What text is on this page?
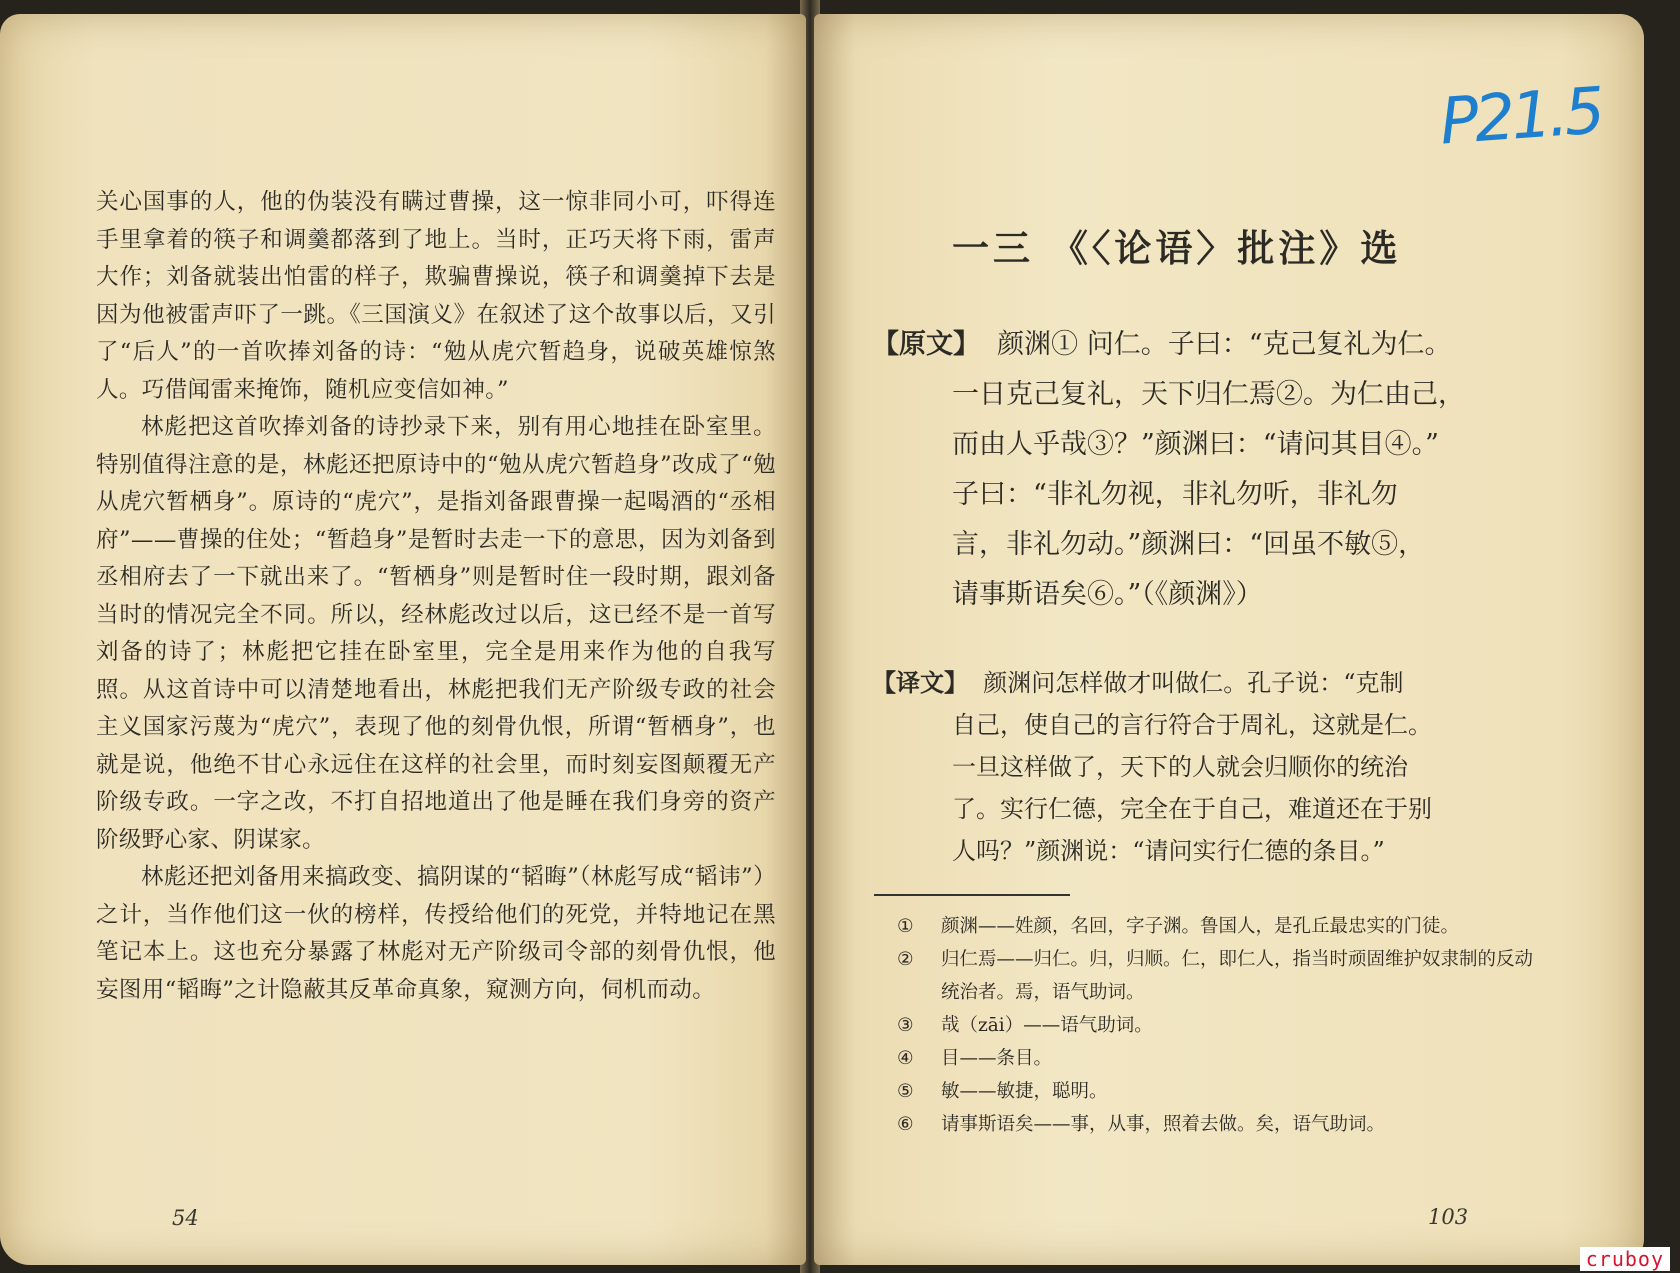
关心国事的人，他的伪装没有瞒过曹操，这一惊非同小可，吓得连手里拿着的筷子和调羹都落到了地上。当时，正巧天将下雨，雷声大作；刘备就装出怕雷的样子，欺骗曹操说，筷子和调羹掉下去是因为他被雷声吓了一跳。《三国演义》在叙述了这个故事以后，又引了“后人”的一首吹捧刘备的诗：“勉从虎穴暂趋身，说破英雄惊煞人。巧借闻雷来掩饰，随机应变信如神。”

林彪把这首吹捧刘备的诗抄录下来，别有用心地挂在卧室里。特别值得注意的是，林彪还把原诗中的“勉从虎穴暂趋身”改成了“勉从虎穴暂栖身”。原诗的“虎穴”，是指刘备跟曹操一起喝酒的“丞相府”——曹操的住处；“暂趋身”是暂时去走一下的意思，因为刘备到丞相府去了一下就出来了。“暂栖身”则是暂时住一段时期，跟刘备当时的情况完全不同。所以，经林彪改过以后，这已经不是一首写刘备的诗了；林彪把它挂在卧室里，完全是用来作为他的自我写照。从这首诗中可以清楚地看出，林彪把我们无产阶级专政的社会主义国家污蔑为“虎穴”，表现了他的刻骨仇恨，所谓“暂栖身”，也就是说，他绝不甘心永远住在这样的社会里，而时刻妄图颠覆无产阶级专政。一字之改，不打自招地道出了他是睡在我们身旁的资产阶级野心家、阴谋家。

林彪还把刘备用来搞政变、搞阴谋的“韬晦”（林彪写成“韬讳”）之计，当作他们这一伙的榜样，传授给他们的死党，并特地记在黑笔记本上。这也充分暴露了林彪对无产阶级司令部的刻骨仇恨，他妄图用“韬晦”之计隐蔽其反革命真象，窥测方向，伺机而动。

54
P21.5
一三 《〈论语〉批注》选
【原文】 颜渊① 问仁。子曰：“克己复礼为仁。
一日克己复礼，天下归仁焉②。为仁由己，
而由人乎哉③？”颜渊曰：“请问其目④。”
子曰：“非礼勿视，非礼勿听，非礼勿
言，非礼勿动。”颜渊曰：“回虽不敏⑤，
请事斯语矣⑥。”（《颜渊》）
【译文】 颜渊问怎样做才叫做仁。孔子说：“克制
自己，使自己的言行符合于周礼，这就是仁。
一旦这样做了，天下的人就会归顺你的统治
了。实行仁德，完全在于自己，难道还在于别
人吗？”颜渊说：“请问实行仁德的条目。”
① 颜渊——姓颜，名回，字子渊。鲁国人，是孔丘最忠实的门徒。
② 归仁焉——归仁。归，归顺。仁，即仁人，指当时顽固维护奴隶制的反动统治者。焉，语气助词。
③ 哉（zāi）——语气助词。
④ 目——条目。
⑤ 敏——敏捷，聪明。
⑥ 请事斯语矣——事，从事，照着去做。矣，语气助词。
103
cruboy
